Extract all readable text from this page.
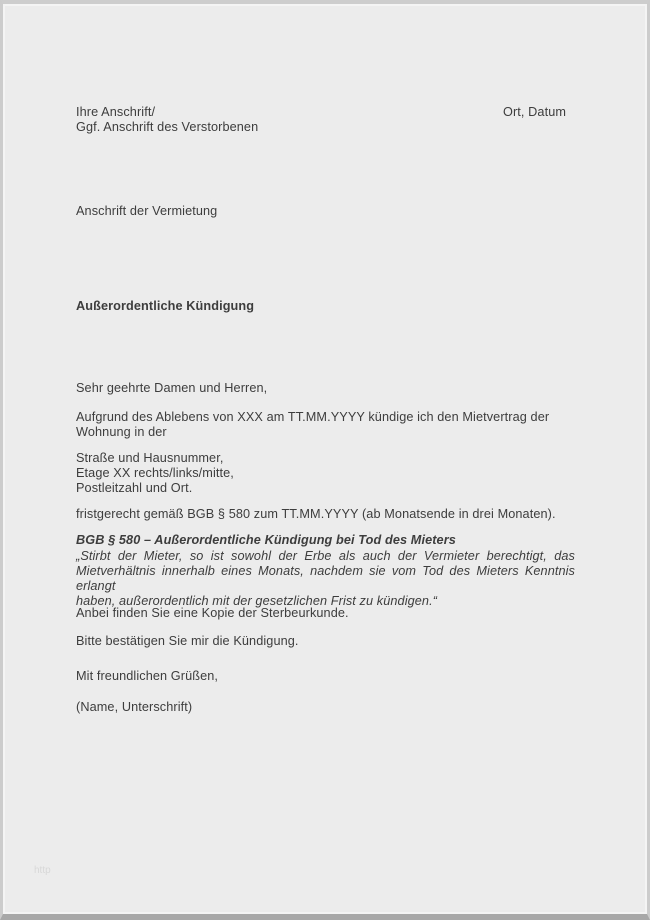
Ihre Anschrift/
Ggf. Anschrift des Verstorbenen
Ort, Datum
Anschrift der Vermietung
Außerordentliche Kündigung
Sehr geehrte Damen und Herren,
Aufgrund des Ablebens von XXX am TT.MM.YYYY kündige ich den Mietvertrag der
Wohnung in der
Straße und Hausnummer,
Etage XX rechts/links/mitte,
Postleitzahl und Ort.
fristgerecht gemäß BGB § 580 zum TT.MM.YYYY (ab Monatsende in drei Monaten).
BGB § 580 – Außerordentliche Kündigung bei Tod des Mieters
„Stirbt der Mieter, so ist sowohl der Erbe als auch der Vermieter berechtigt, das
Mietverhältnis innerhalb eines Monats, nachdem sie vom Tod des Mieters Kenntnis erlangt
haben, außerordentlich mit der gesetzlichen Frist zu kündigen.“
Anbei finden Sie eine Kopie der Sterbeurkunde.
Bitte bestätigen Sie mir die Kündigung.
Mit freundlichen Grüßen,
(Name, Unterschrift)
http
